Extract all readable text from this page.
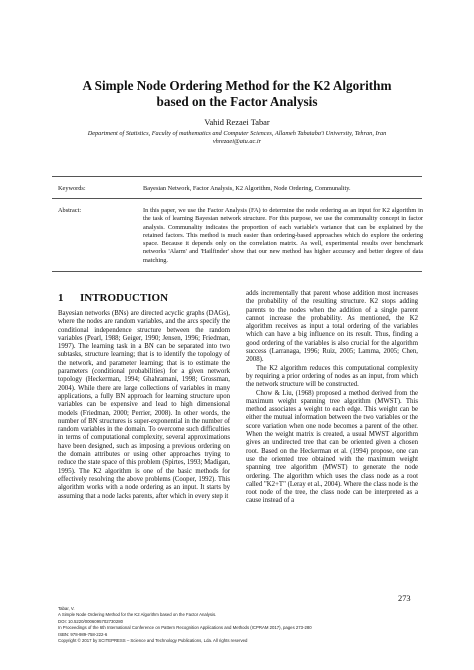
A Simple Node Ordering Method for the K2 Algorithm
based on the Factor Analysis
Vahid Rezaei Tabar
Department of Statistics, Faculty of mathematics and Computer Sciences, Allameh Tabataba'i University, Tehran, Iran
vhrezaei@atu.ac.ir
Keywords:	Bayesian Network, Factor Analysis, K2 Algorithm, Node Ordering, Communality.
Abstract:	In this paper, we use the Factor Analysis (FA) to determine the node ordering as an input for K2 algorithm in the task of learning Bayesian network structure. For this purpose, we use the communality concept in factor analysis. Communality indicates the proportion of each variable's variance that can be explained by the retained factors. This method is much easier than ordering-based approaches which do explore the ordering space. Because it depends only on the correlation matrix. As well, experimental results over benchmark networks 'Alarm' and 'Hailfinder' show that our new method has higher accuracy and better degree of data matching.
1 INTRODUCTION

Bayesian networks (BNs) are directed acyclic graphs (DAGs), where the nodes are random variables, and the arcs specify the conditional independence structure between the random variables (Pearl, 1988; Geiger, 1990; Jensen, 1996; Friedman, 1997). The learning task in a BN can be separated into two subtasks, structure learning; that is to identify the topology of the network, and parameter learning; that is to estimate the parameters (conditional probabilities) for a given network topology (Heckerman, 1994; Ghahramani, 1998; Grossman, 2004). While there are large collections of variables in many applications, a fully BN approach for learning structure upon variables can be expensive and lead to high dimensional models (Friedman, 2000; Perrier, 2008). In other words, the number of BN structures is super-exponential in the number of random variables in the domain. To overcome such difficulties in terms of computational complexity, several approximations have been designed, such as imposing a previous ordering on the domain attributes or using other approaches trying to reduce the state space of this problem (Spirtes, 1993; Madigan, 1995). The K2 algorithm is one of the basic methods for effectively resolving the above problems (Cooper, 1992). This algorithm works with a node ordering as an input. It starts by assuming that a node lacks parents, after which in every step it

adds incrementally that parent whose addition most increases the probability of the resulting structure. K2 stops adding parents to the nodes when the addition of a single parent cannot increase the probability. As mentioned, the K2 algorithm receives as input a total ordering of the variables which can have a big influence on its result. Thus, finding a good ordering of the variables is also crucial for the algorithm success (Larranaga, 1996; Ruiz, 2005; Lamma, 2005; Chen, 2008).

The K2 algorithm reduces this computational complexity by requiring a prior ordering of nodes as an input, from which the network structure will be constructed.

Chow & Liu, (1968) proposed a method derived from the maximum weight spanning tree algorithm (MWST). This method associates a weight to each edge. This weight can be either the mutual information between the two variables or the score variation when one node becomes a parent of the other. When the weight matrix is created, a usual MWST algorithm gives an undirected tree that can be oriented given a chosen root. Based on the Heckerman et al. (1994) propose, one can use the oriented tree obtained with the maximum weight spanning tree algorithm (MWST) to generate the node ordering. The algorithm which uses the class node as a root called "K2+T" (Leray et al., 2004). Where the class node is the root node of the tree, the class node can be interpreted as a cause instead of a

273
Tabar, V.
A Simple Node Ordering Method for the K2 Algorithm based on the Factor Analysis.
DOI: 10.5220/0006095702730280
In Proceedings of the 6th International Conference on Pattern Recognition Applications and Methods (ICPRAM 2017), pages 273-280
ISBN: 978-989-758-222-6
Copyright © 2017 by SCITEPRESS – Science and Technology Publications, Lda. All rights reserved
